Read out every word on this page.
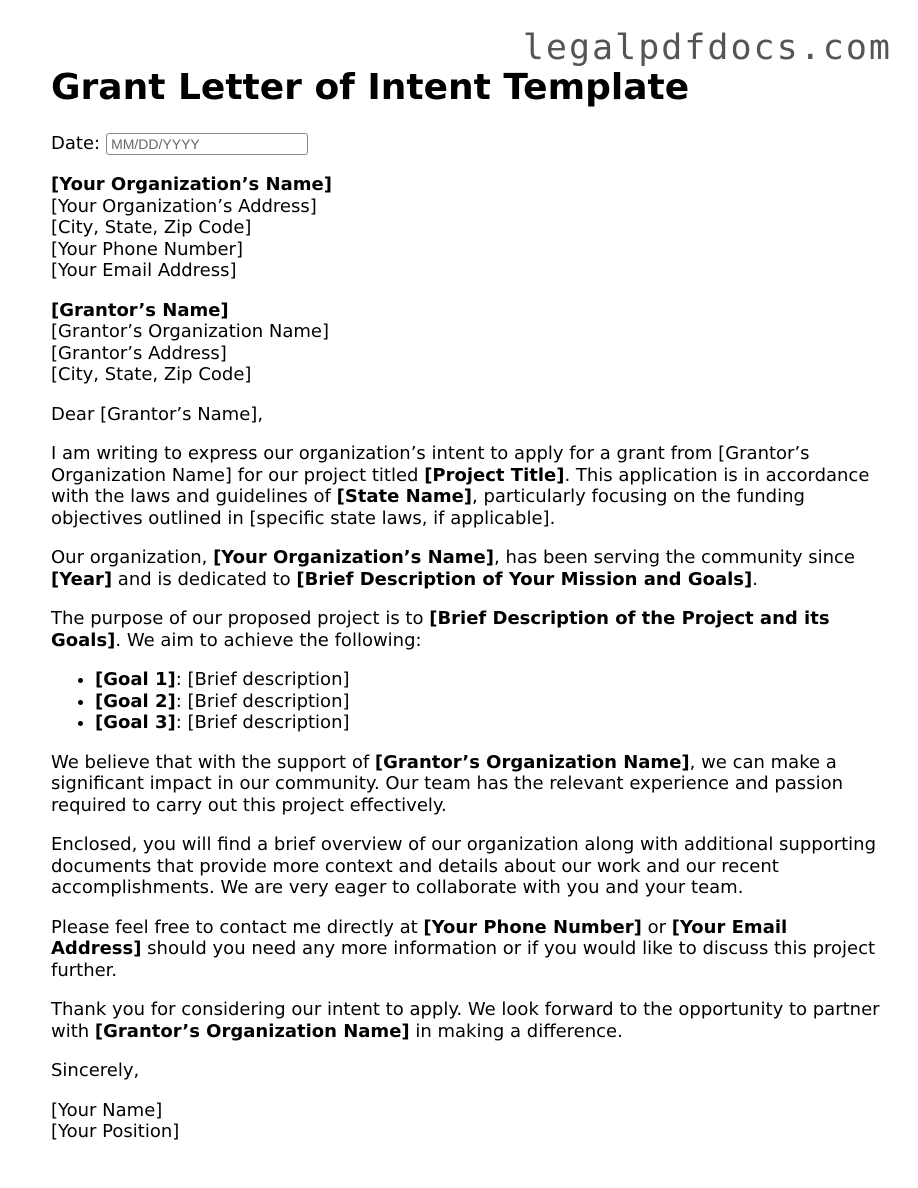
legalpdfdocs.com
Grant Letter of Intent Template
Date:
MM/DD/YYYY
[Your Organization’s Name]
[Your Organization’s Address]
[City, State, Zip Code]
[Your Phone Number]
[Your Email Address]
[Grantor’s Name]
[Grantor’s Organization Name]
[Grantor’s Address]
[City, State, Zip Code]

Dear [Grantor’s Name],

I am writing to express our organization’s intent to apply for a grant from [Grantor’s Organization Name] for our project titled [Project Title]. This application is in accordance with the laws and guidelines of [State Name], particularly focusing on the funding objectives outlined in [specific state laws, if applicable].

Our organization, [Your Organization’s Name], has been serving the community since [Year] and is dedicated to [Brief Description of Your Mission and Goals].

The purpose of our proposed project is to [Brief Description of the Project and its Goals]. We aim to achieve the following:

• [Goal 1]: [Brief description]
• [Goal 2]: [Brief description]
• [Goal 3]: [Brief description]

We believe that with the support of [Grantor’s Organization Name], we can make a significant impact in our community. Our team has the relevant experience and passion required to carry out this project effectively.

Enclosed, you will find a brief overview of our organization along with additional supporting documents that provide more context and details about our work and our recent accomplishments. We are very eager to collaborate with you and your team.

Please feel free to contact me directly at [Your Phone Number] or [Your Email Address] should you need any more information or if you would like to discuss this project further.

Thank you for considering our intent to apply. We look forward to the opportunity to partner with [Grantor’s Organization Name] in making a difference.

Sincerely,

[Your Name]
[Your Position]
